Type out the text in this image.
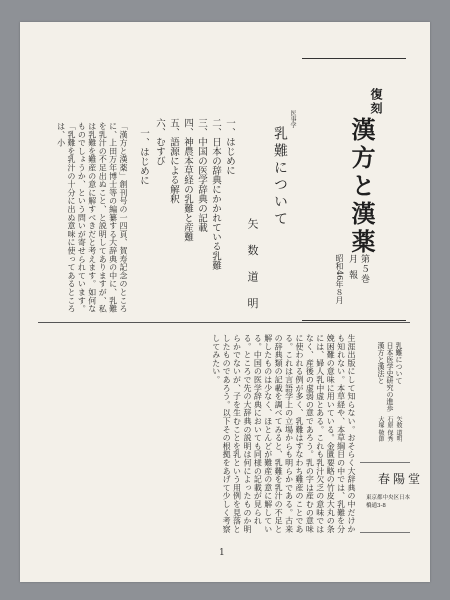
復刻
漢方と漢薬
第５巻
月 報
昭和46年８月
医事学
乳難について
矢 数 道 明
一、はじめに
二、日本の辞典にかかれている乳難
三、中国の医学辞典の記載
四、神農本草経の乳難と産難
五、語源による解釈
六、むすび
一、はじめに
「漢方と漢薬」創刊号の一四頁、賀寿記念のところに、上田万年博士等の編纂する大辞典の中に、乳難を乳汁の不足出ぬこと、と説明してありますが、私は乳難を難産の意に解すべきだと考えます。如何なものでしょうか、という問いが寄せられています。「乳難を乳汁の十分に出ぬ意味に使ってあるところは、小
乳難について
日本医学史研究の進歩
漢方と漢法と
矢数 道明
石原 保秀
大塚 敬節
春陽堂
東京都中央区日本橋通3-8
生涯出版にして知らない。おそらく大辞典の中だけかも知れない。本草経や、本草綱目の中では、乳難を分娩困難の意味に用いている。金匱要略の竹皮大丸の条には、婦人乳中虚とある。これも乳汁欠乏の意味ではなく、産後の虚弱の意であろう。乳の字は産むの意味に使われる例が多く、乳難はすなわち難産のことである。これは言語学上の立場からも明らかである。古来の辞典類の記載を調べてみると、乳難を乳汁の不足と解したものは少なく、ほとんどが難産の意に解している。中国の医学辞典においても同様の記載が見られる。ところで先の大辞典の説明は何によったものか明らかでないが、子を生むことを乳という用例を見落としたものであろう。以下その根拠をあげて少しく考察してみたい。
1
